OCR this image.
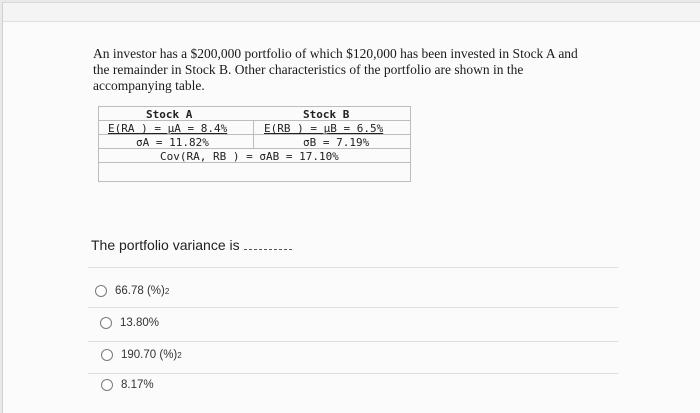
An investor has a $200,000 portfolio of which $120,000 has been invested in Stock A and the remainder in Stock B. Other characteristics of the portfolio are shown in the accompanying table.
Stock A	Stock B
E(RA ) = μA = 8.4%	E(RB ) = μB = 6.5%
σA = 11.82%	σB = 7.19%
Cov(RA, RB ) = σAB = 17.10%
The portfolio variance is
66.78 (%) 2
13.80%
190.70 (%) 2
8.17%
